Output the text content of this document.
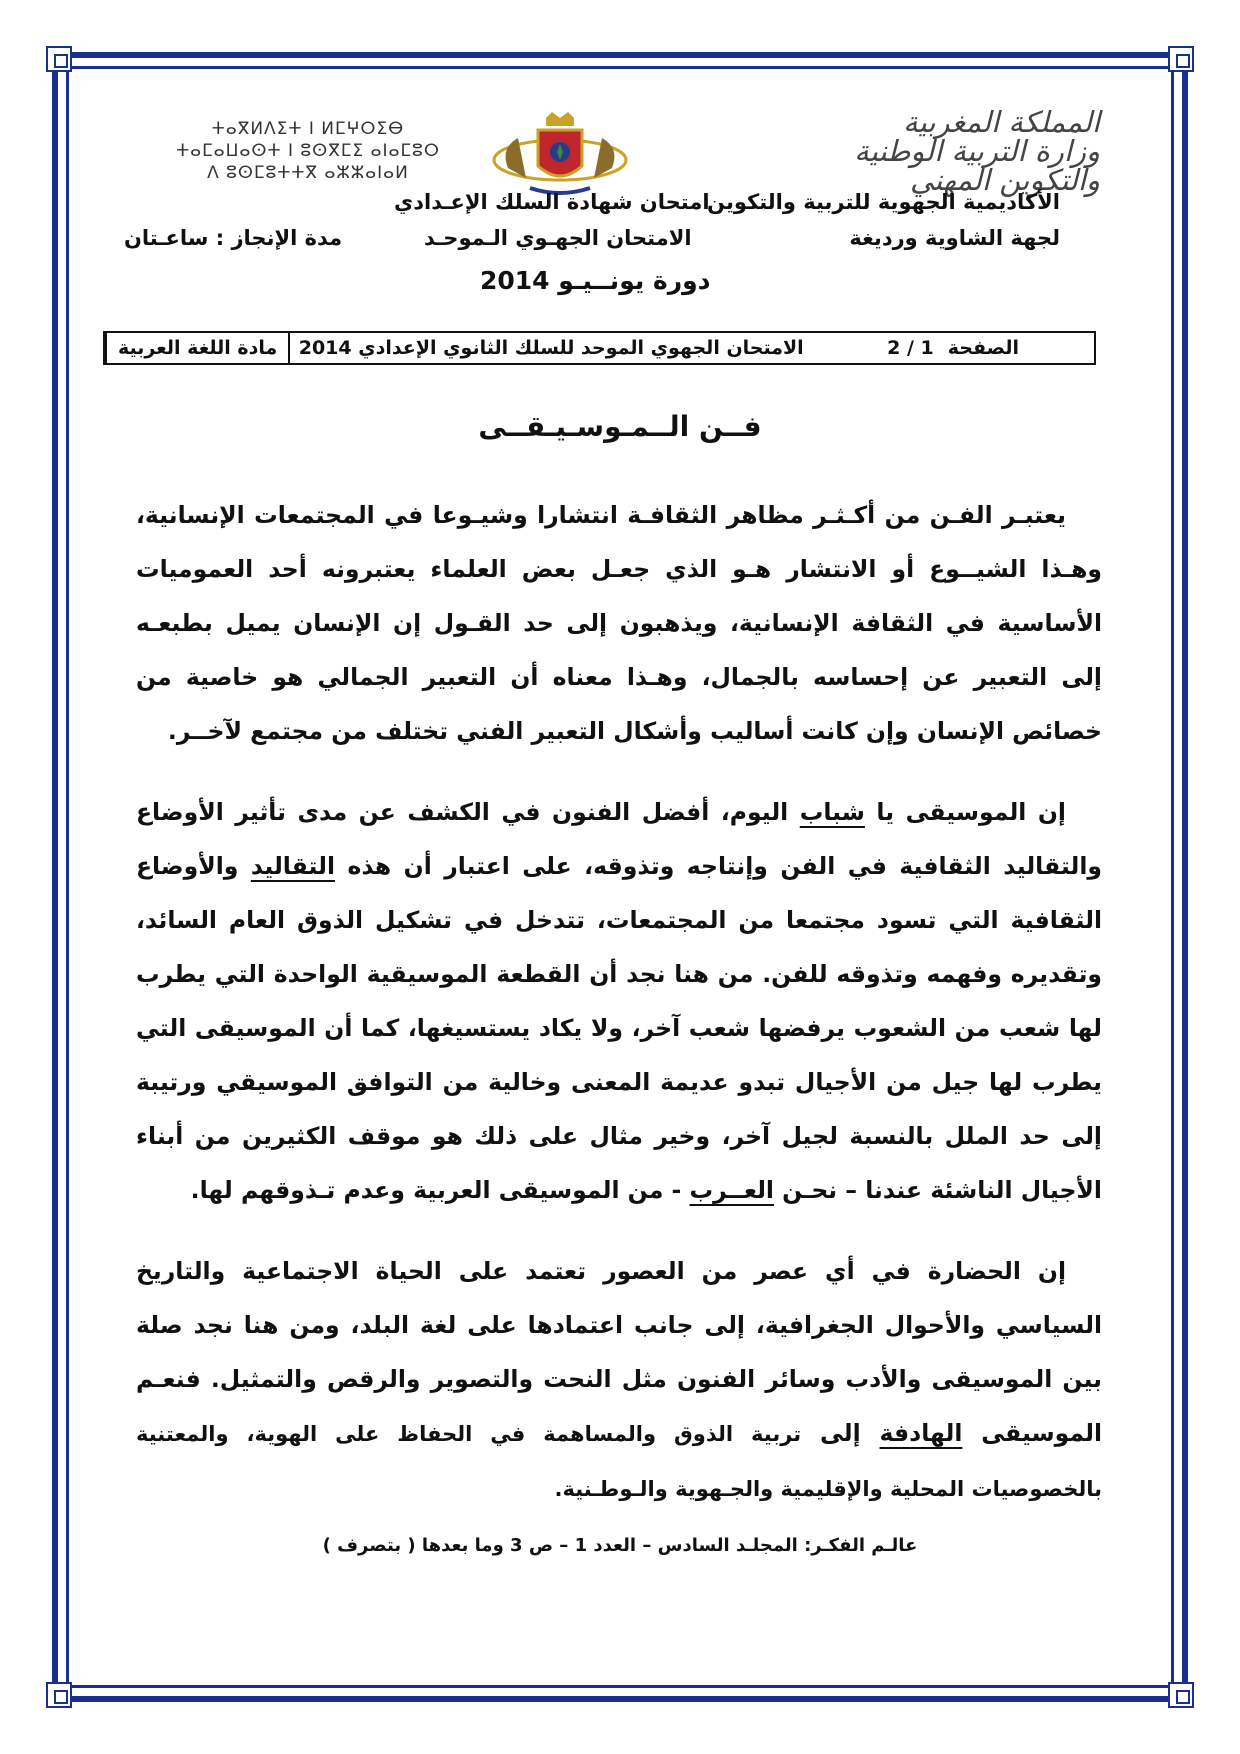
ⵜⴰⴳⵍⴷⵉⵜ ⵏ ⵍⵎⵖⵔⵉⴱ
ⵜⴰⵎⴰⵡⴰⵙⵜ ⵏ ⵓⵙⴳⵎⵉ ⴰⵏⴰⵎⵓⵔ
ⴷ ⵓⵙⵎⵓⵜⵜⴳ ⴰⵣⵣⴰⵏⴰⵍ
المملكة المغربية
وزارة التربية الوطنية
والتكوين المهني
الأكاديمية الجهوية للتربية والتكوين
لجهة الشاوية ورديغة
امتحان شهادة السلك الإعـدادي
الامتحان الجهـوي الـموحـد
مدة الإنجاز : ساعـتان
دورة يونــيـو 2014
مادة اللغة العربية	الامتحان الجهوي الموحد للسلك الثانوي الإعدادي 2014	الصفحة
2 / 1
فــن الــمـوسـيـقــى
يعتبـر الفـن من أكـثـر مظاهر الثقافـة انتشارا وشيـوعا في المجتمعات الإنسانية، وهـذا الشيــوع أو الانتشار هـو الذي جعـل بعض العلماء يعتبرونه أحد العموميات الأساسية في الثقافة الإنسانية، ويذهبون إلى حد القـول إن الإنسان يميل بطبعـه إلى التعبير عن إحساسه بالجمال، وهـذا معناه أن التعبير الجمالي هو خاصية من خصائص الإنسان وإن كانت أساليب وأشكال التعبير الفني تختلف من مجتمع لآخــر.
إن الموسيقى يا شباب اليوم، أفضل الفنون في الكشف عن مدى تأثير الأوضاع والتقاليد الثقافية في الفن وإنتاجه وتذوقه، على اعتبار أن هذه التقاليد والأوضاع الثقافية التي تسود مجتمعا من المجتمعات، تتدخل في تشكيل الذوق العام السائد، وتقديره وفهمه وتذوقه للفن. من هنا نجد أن القطعة الموسيقية الواحدة التي يطرب لها شعب من الشعوب يرفضها شعب آخر، ولا يكاد يستسيغها، كما أن الموسيقى التي يطرب لها جيل من الأجيال تبدو عديمة المعنى وخالية من التوافق الموسيقي ورتيبة إلى حد الملل بالنسبة لجيل آخر، وخير مثال على ذلك هو موقف الكثيرين من أبناء الأجيال الناشئة عندنا – نحـن العــرب - من الموسيقى العربية وعدم تـذوقهم لها.
إن الحضارة في أي عصر من العصور تعتمد على الحياة الاجتماعية والتاريخ السياسي والأحوال الجغرافية، إلى جانب اعتمادها على لغة البلد، ومن هنا نجد صلة بين الموسيقى والأدب وسائر الفنون مثل النحت والتصوير والرقص والتمثيل. فنعـم الموسيقى الهادفة إلى تربية الذوق والمساهمة في الحفاظ على الهوية، والمعتنية بالخصوصيات المحلية والإقليمية والجـهوية والـوطـنية.
عالـم الفكـر: المجلـد السادس – العدد 1 – ص 3 وما بعدها ( بتصرف )
